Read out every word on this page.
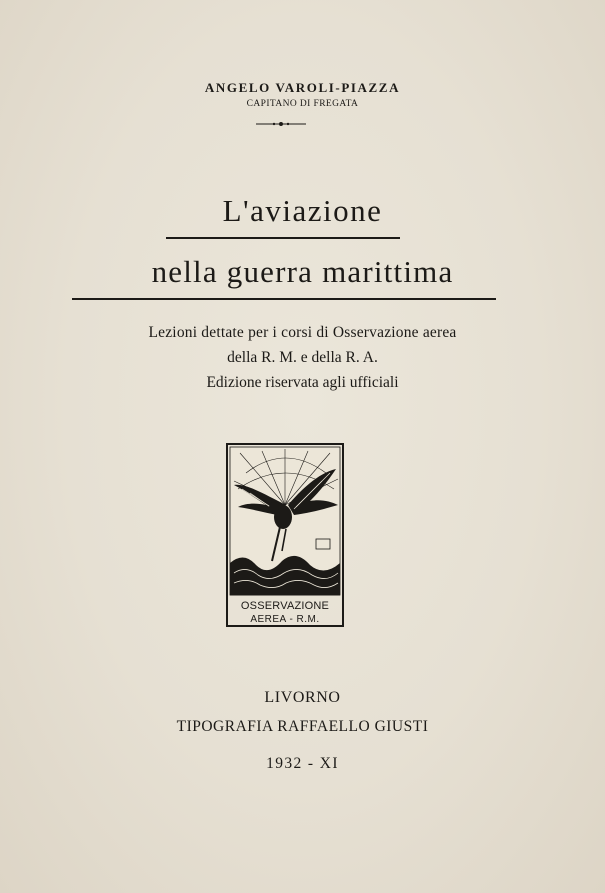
ANGELO VAROLI-PIAZZA
CAPITANO DI FREGATA
L'aviazione
nella guerra marittima
Lezioni dettate per i corsi di Osservazione aerea
della R. M. e della R. A.
Edizione riservata agli ufficiali
OSSERVAZIONE
AEREA - R.M.
LIVORNO
TIPOGRAFIA RAFFAELLO GIUSTI
1932 - XI
